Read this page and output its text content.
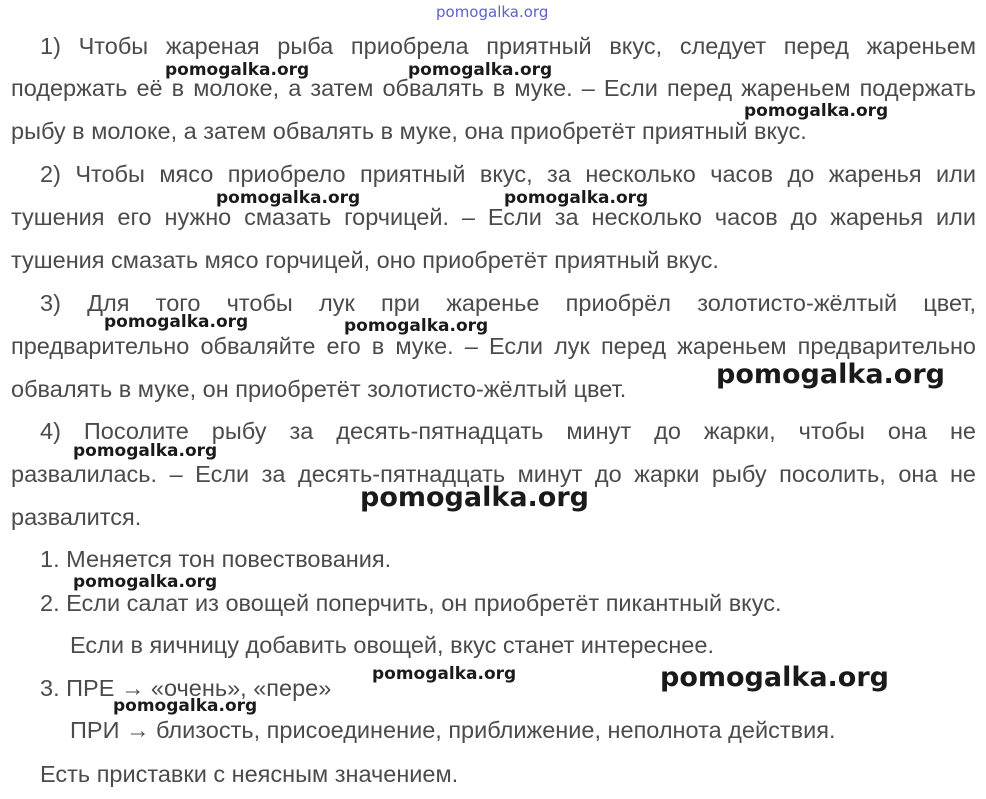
1) Чтобы жареная рыба приобрела приятный вкус, следует перед жареньем

подержать её в молоке, а затем обвалять в муке. – Если перед жареньем подержать

рыбу в молоке, а затем обвалять в муке, она приобретёт приятный вкус.

2) Чтобы мясо приобрело приятный вкус, за несколько часов до жаренья или

тушения его нужно смазать горчицей. – Если за несколько часов до жаренья или

тушения смазать мясо горчицей, оно приобретёт приятный вкус.

3) Для того чтобы лук при жаренье приобрёл золотисто-жёлтый цвет,

предварительно обваляйте его в муке. – Если лук перед жареньем предварительно

обвалять в муке, он приобретёт золотисто-жёлтый цвет.

4) Посолите рыбу за десять-пятнадцать минут до жарки, чтобы она не

развалилась. – Если за десять-пятнадцать минут до жарки рыбу посолить, она не

развалится.

1. Меняется тон повествования.

2. Если салат из овощей поперчить, он приобретёт пикантный вкус.

Если в яичницу добавить овощей, вкус станет интереснее.

3. ПРЕ → «очень», «пере»

ПРИ → близость, присоединение, приближение, неполнота действия.

Есть приставки с неясным значением.

pomogalka.org
pomogalka.org	pomogalka.org
pomogalka.org
pomogalka.org	pomogalka.org
pomogalka.org	pomogalka.org
pomogalka.org
pomogalka.org
pomogalka.org
pomogalka.org
pomogalka.org	pomogalka.org
pomogalka.org
